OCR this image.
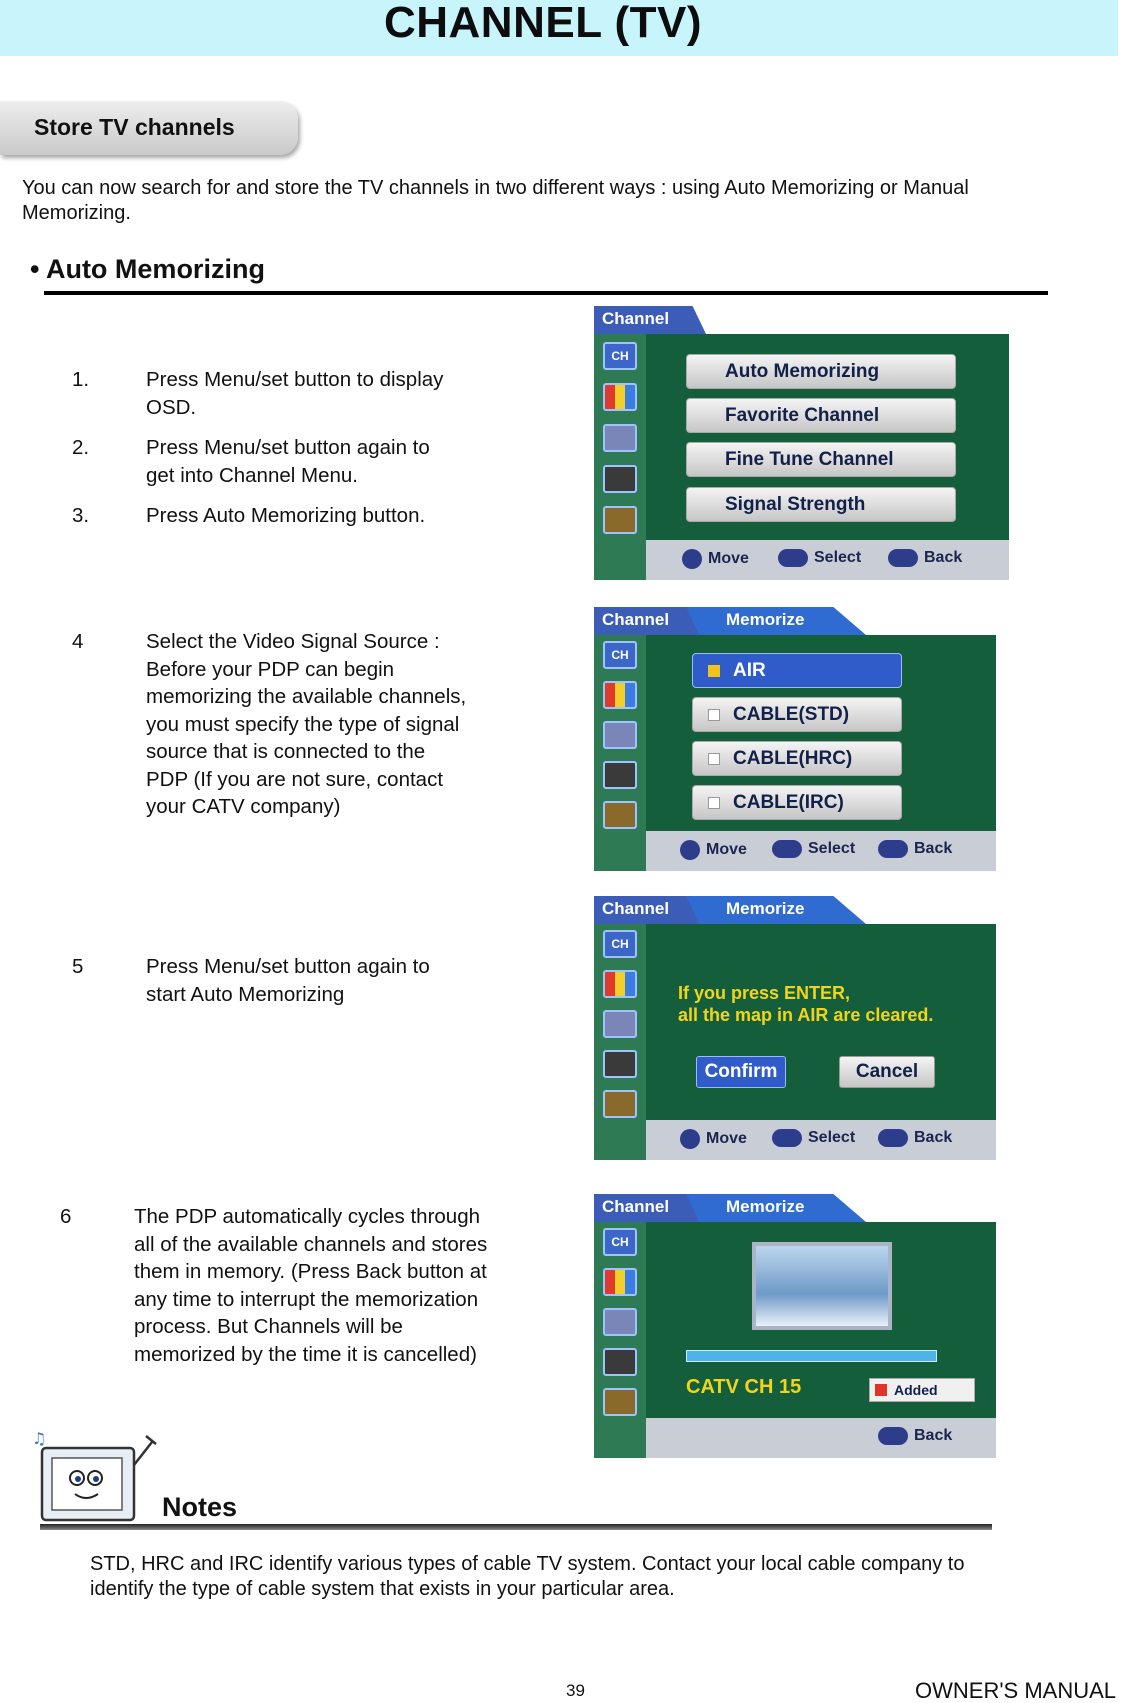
CHANNEL (TV)
Store TV channels

You can now search for and store the TV channels in two different ways : using Auto Memorizing or Manual Memorizing.

• Auto Memorizing
1.	Press Menu/set button to display
OSD.
2.	Press Menu/set button again to
get into Channel Menu.
3.	Press Auto Memorizing button.
4	Select the Video Signal Source :
Before your PDP can begin
memorizing the available channels,
you must specify the type of signal
source that is connected to the
PDP (If you are not sure, contact
your CATV company)
5	Press Menu/set button again to
start Auto Memorizing
6	The PDP automatically cycles through
all of the available channels and stores
them in memory. (Press Back button at
any time to interrupt the memorization
process. But Channels will be
memorized by the time it is cancelled)
Channel
CH
Auto Memorizing
Favorite Channel
Fine Tune Channel
Signal Strength
Move	Select	Back
Channel	Memorize
CH
AIR
CABLE(STD)
CABLE(HRC)
CABLE(IRC)
Move	Select	Back
Channel	Memorize
CH
If you press ENTER,
all the map in AIR are cleared.
Confirm	Cancel
Move	Select	Back
Channel	Memorize
CH
CATV CH 15	Added
Back
♫
Notes

STD, HRC and IRC identify various types of cable TV system. Contact your local cable company to identify the type of cable system that exists in your particular area.

39	OWNER'S MANUAL
